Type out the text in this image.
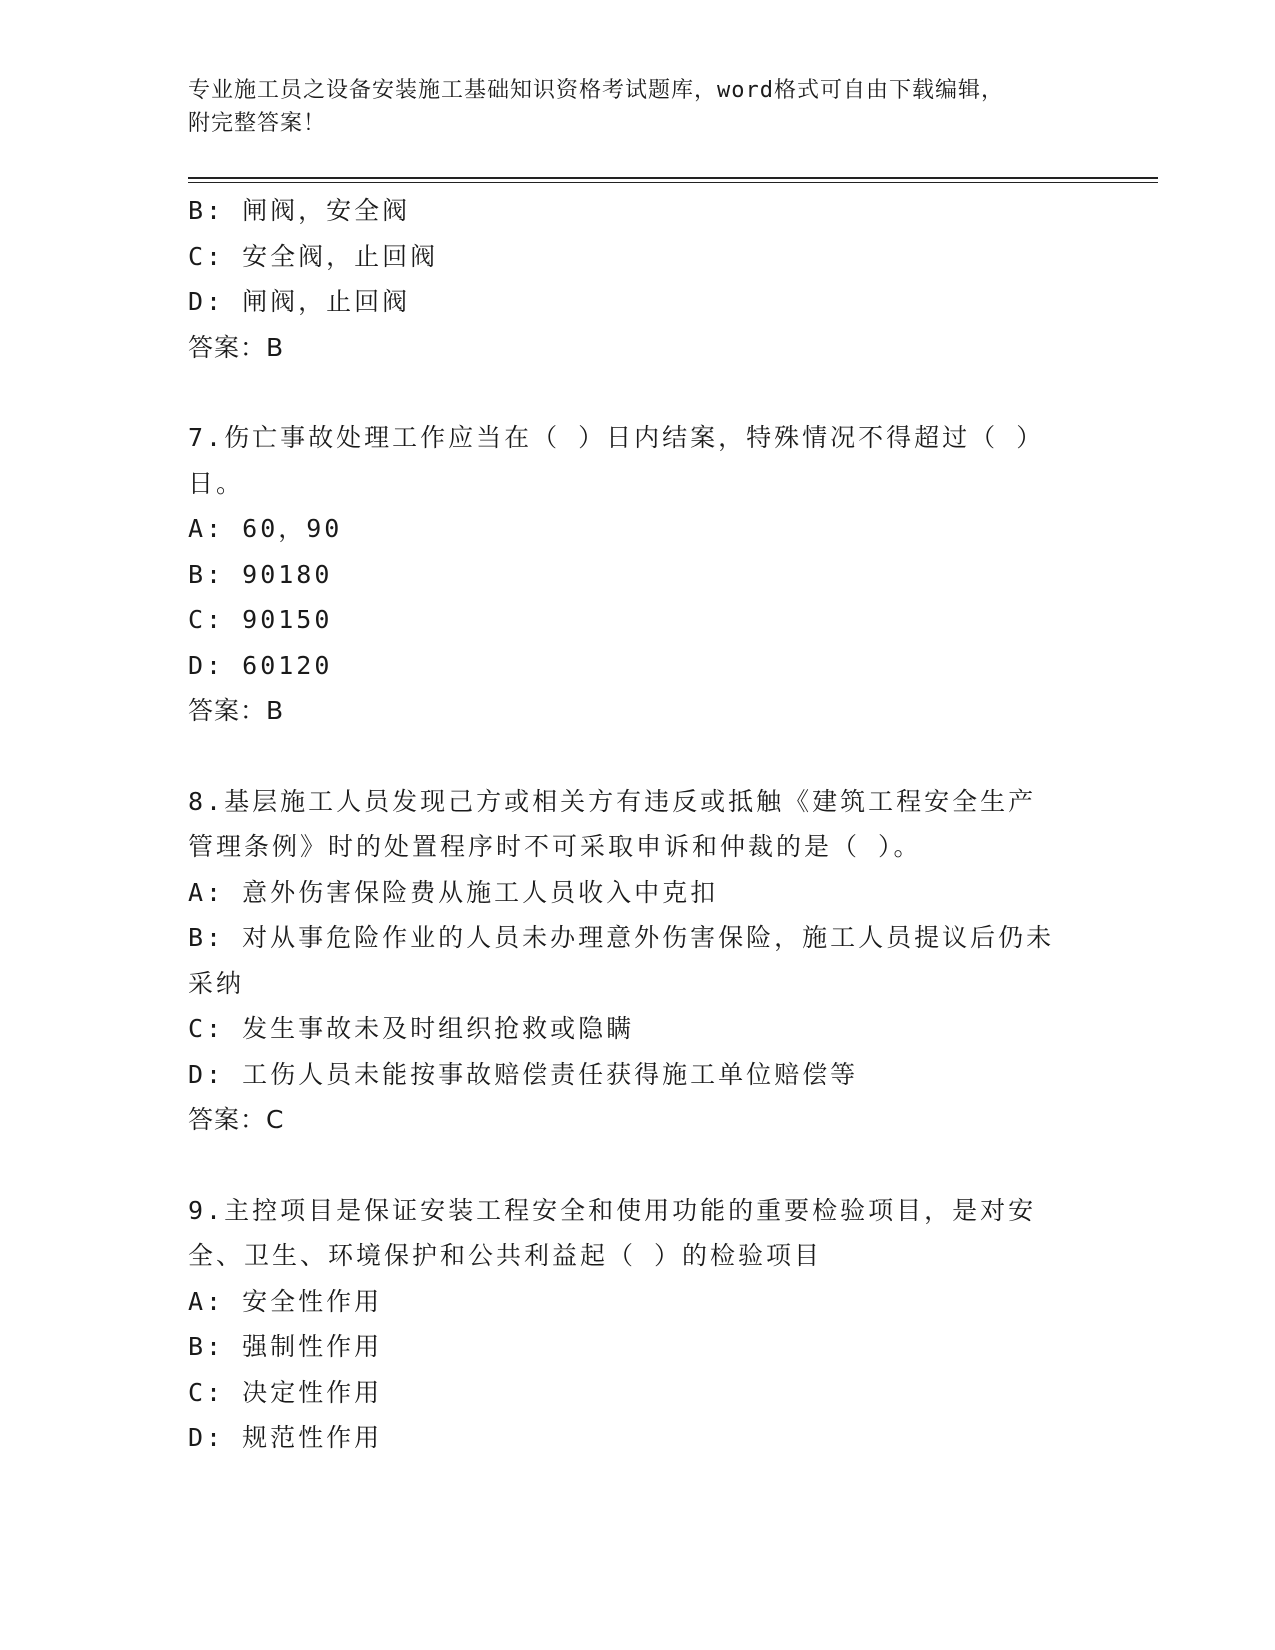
专业施工员之设备安装施工基础知识资格考试题库，word格式可自由下载编辑，
附完整答案！
B: 闸阀，安全阀
C: 安全阀，止回阀
D: 闸阀，止回阀
答案：B
7.伤亡事故处理工作应当在（ ）日内结案，特殊情况不得超过（ ）
日。
A: 60，90
B: 90180
C: 90150
D: 60120
答案：B
8.基层施工人员发现己方或相关方有违反或抵触《建筑工程安全生产
管理条例》时的处置程序时不可采取申诉和仲裁的是（ ）。
A: 意外伤害保险费从施工人员收入中克扣
B: 对从事危险作业的人员未办理意外伤害保险，施工人员提议后仍未
采纳
C: 发生事故未及时组织抢救或隐瞒
D: 工伤人员未能按事故赔偿责任获得施工单位赔偿等
答案：C
9.主控项目是保证安装工程安全和使用功能的重要检验项目，是对安
全、卫生、环境保护和公共利益起（ ）的检验项目
A: 安全性作用
B: 强制性作用
C: 决定性作用
D: 规范性作用
